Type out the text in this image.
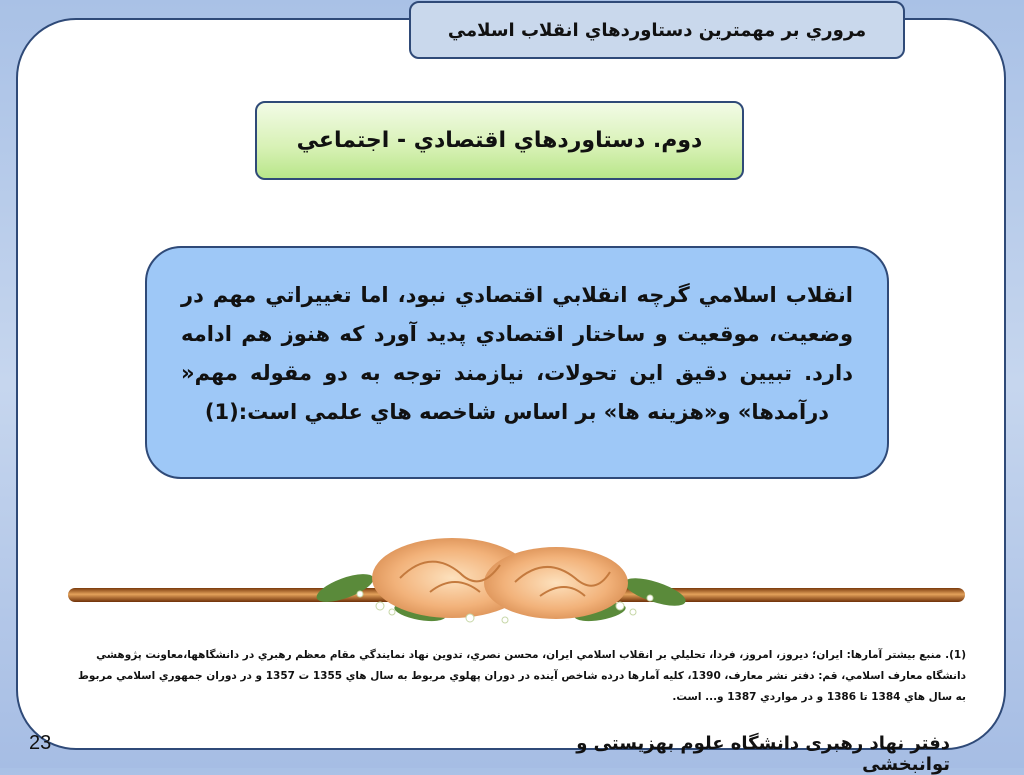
مروري بر مهمترين دستاوردهاي انقلاب اسلامي
دوم. دستاوردهاي اقتصادي - اجتماعي
انقلاب اسلامي گرچه انقلابي اقتصادي نبود، اما تغييراتي مهم در وضعيت، موقعيت و ساختار اقتصادي پديد آورد كه هنوز هم ادامه دارد. تبيين دقيق اين تحولات، نيازمند توجه به دو مقوله مهم« درآمدها» و«هزينه ها» بر اساس شاخصه هاي علمي است:(1)
(1). منبع بيشتر آمارها: ايران؛ ديروز، امروز، فردا، تحليلي بر انقلاب اسلامي ايران، محسن نصري، تدوين نهاد نمايندگي مقام معظم رهبري در دانشگاهها،معاونت پژوهشي دانشگاه معارف اسلامي، قم: دفتر نشر معارف، 1390، كليه آمارها درده شاخص آينده در دوران پهلوي مربوط به سال هاي 1355 ت 1357 و در دوران جمهوري اسلامي مربوط به سال هاي 1384 تا 1386 و در مواردي 1387 و... است.
23	دفتر نهاد رهبری دانشگاه علوم بهزیستی و توانبخشی
